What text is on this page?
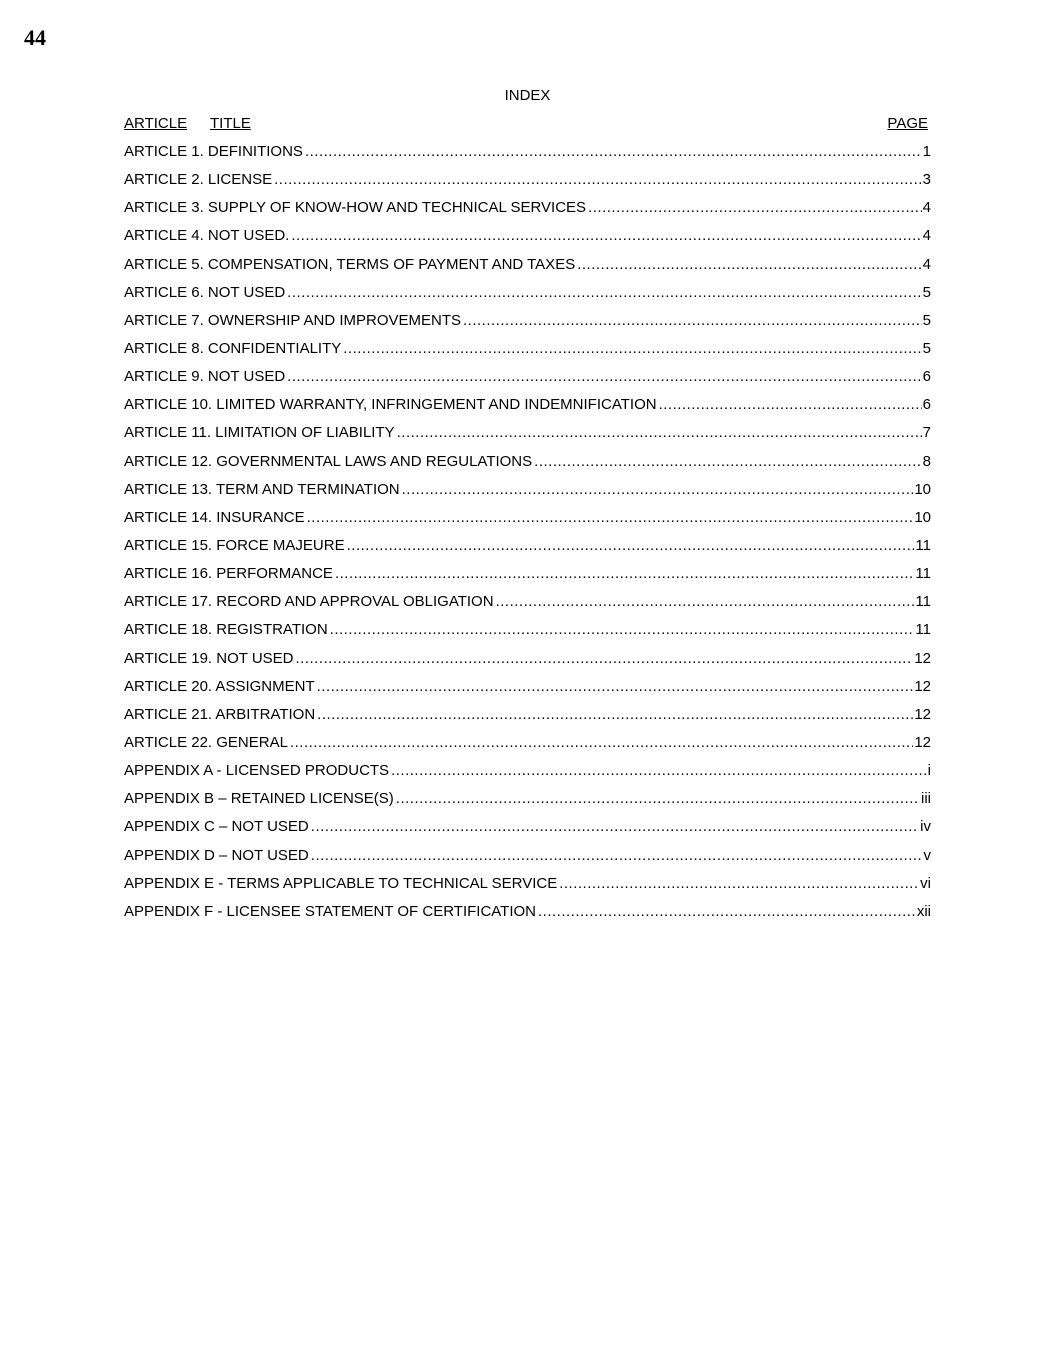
44
INDEX
ARTICLE TITLE	PAGE
ARTICLE 1. DEFINITIONS .....	1
ARTICLE 2. LICENSE .....	3
ARTICLE 3. SUPPLY OF KNOW-HOW AND TECHNICAL SERVICES .....	4
ARTICLE 4. NOT USED. .....	4
ARTICLE 5. COMPENSATION, TERMS OF PAYMENT AND TAXES .....	4
ARTICLE 6. NOT USED .....	5
ARTICLE 7. OWNERSHIP AND IMPROVEMENTS .....	5
ARTICLE 8. CONFIDENTIALITY .....	5
ARTICLE 9. NOT USED .....	6
ARTICLE 10. LIMITED WARRANTY, INFRINGEMENT AND INDEMNIFICATION .....	6
ARTICLE 11. LIMITATION OF LIABILITY .....	7
ARTICLE 12. GOVERNMENTAL LAWS AND REGULATIONS .....	8
ARTICLE 13. TERM AND TERMINATION .....	10
ARTICLE 14. INSURANCE .....	10
ARTICLE 15. FORCE MAJEURE .....	11
ARTICLE 16. PERFORMANCE .....	11
ARTICLE 17. RECORD AND APPROVAL OBLIGATION .....	11
ARTICLE 18. REGISTRATION .....	11
ARTICLE 19. NOT USED .....	12
ARTICLE 20. ASSIGNMENT .....	12
ARTICLE 21. ARBITRATION .....	12
ARTICLE 22. GENERAL .....	12
APPENDIX A - LICENSED PRODUCTS .....	i
APPENDIX B – RETAINED LICENSE(S) .....	iii
APPENDIX C – NOT USED .....	iv
APPENDIX D – NOT USED .....	v
APPENDIX E - TERMS APPLICABLE TO TECHNICAL SERVICE .....	vi
APPENDIX F - LICENSEE STATEMENT OF CERTIFICATION .....	xii
